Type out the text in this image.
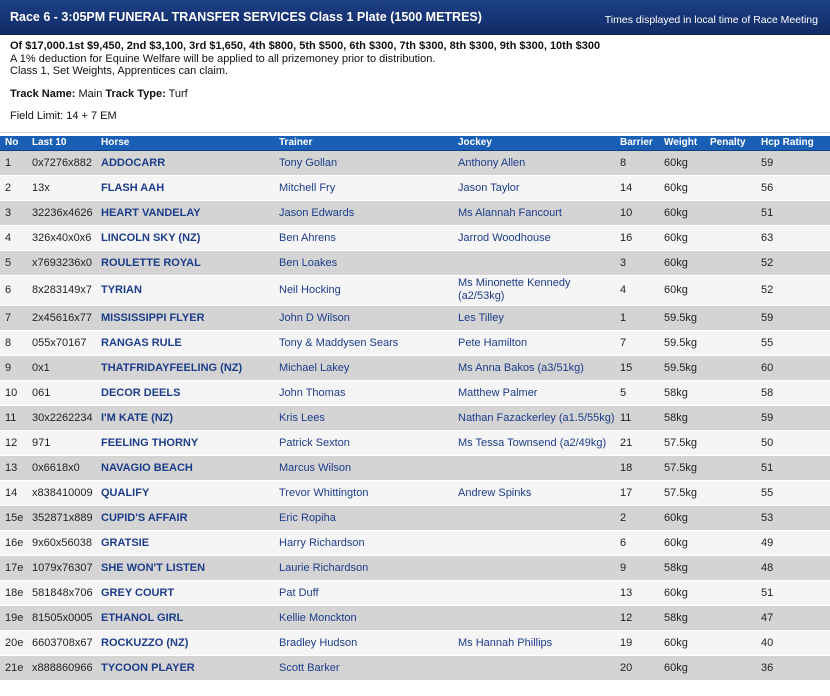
Race 6 - 3:05PM FUNERAL TRANSFER SERVICES Class 1 Plate (1500 METRES)	Times displayed in local time of Race Meeting
Of $17,000.1st $9,450, 2nd $3,100, 3rd $1,650, 4th $800, 5th $500, 6th $300, 7th $300, 8th $300, 9th $300, 10th $300
A 1% deduction for Equine Welfare will be applied to all prizemoney prior to distribution.
Class 1, Set Weights, Apprentices can claim.
Track Name: Main Track Type: Turf
Field Limit: 14 + 7 EM
No	Last 10	Horse	Trainer	Jockey	Barrier	Weight	Penalty	Hcp Rating
1	0x7276x882	ADDOCARR	Tony Gollan	Anthony Allen	8	60kg		59
2	13x	FLASH AAH	Mitchell Fry	Jason Taylor	14	60kg		56
3	32236x4626	HEART VANDELAY	Jason Edwards	Ms Alannah Fancourt	10	60kg		51
4	326x40x0x6	LINCOLN SKY (NZ)	Ben Ahrens	Jarrod Woodhouse	16	60kg		63
5	x7693236x0	ROULETTE ROYAL	Ben Loakes		3	60kg		52
6	8x283149x7	TYRIAN	Neil Hocking	Ms Minonette Kennedy (a2/53kg)	4	60kg		52
7	2x45616x77	MISSISSIPPI FLYER	John D Wilson	Les Tilley	1	59.5kg		59
8	055x70167	RANGAS RULE	Tony & Maddysen Sears	Pete Hamilton	7	59.5kg		55
9	0x1	THATFRIDAYFEELING (NZ)	Michael Lakey	Ms Anna Bakos (a3/51kg)	15	59.5kg		60
10	061	DECOR DEELS	John Thomas	Matthew Palmer	5	58kg		58
11	30x2262234	I'M KATE (NZ)	Kris Lees	Nathan Fazackerley (a1.5/55kg)	11	58kg		59
12	971	FEELING THORNY	Patrick Sexton	Ms Tessa Townsend (a2/49kg)	21	57.5kg		50
13	0x6618x0	NAVAGIO BEACH	Marcus Wilson		18	57.5kg		51
14	x838410009	QUALIFY	Trevor Whittington	Andrew Spinks	17	57.5kg		55
15e	352871x889	CUPID'S AFFAIR	Eric Ropiha		2	60kg		53
16e	9x60x56038	GRATSIE	Harry Richardson		6	60kg		49
17e	1079x76307	SHE WON'T LISTEN	Laurie Richardson		9	58kg		48
18e	581848x706	GREY COURT	Pat Duff		13	60kg		51
19e	81505x0005	ETHANOL GIRL	Kellie Monckton		12	58kg		47
20e	6603708x67	ROCKUZZO (NZ)	Bradley Hudson	Ms Hannah Phillips	19	60kg		40
21e	x888860966	TYCOON PLAYER	Scott Barker		20	60kg		36
